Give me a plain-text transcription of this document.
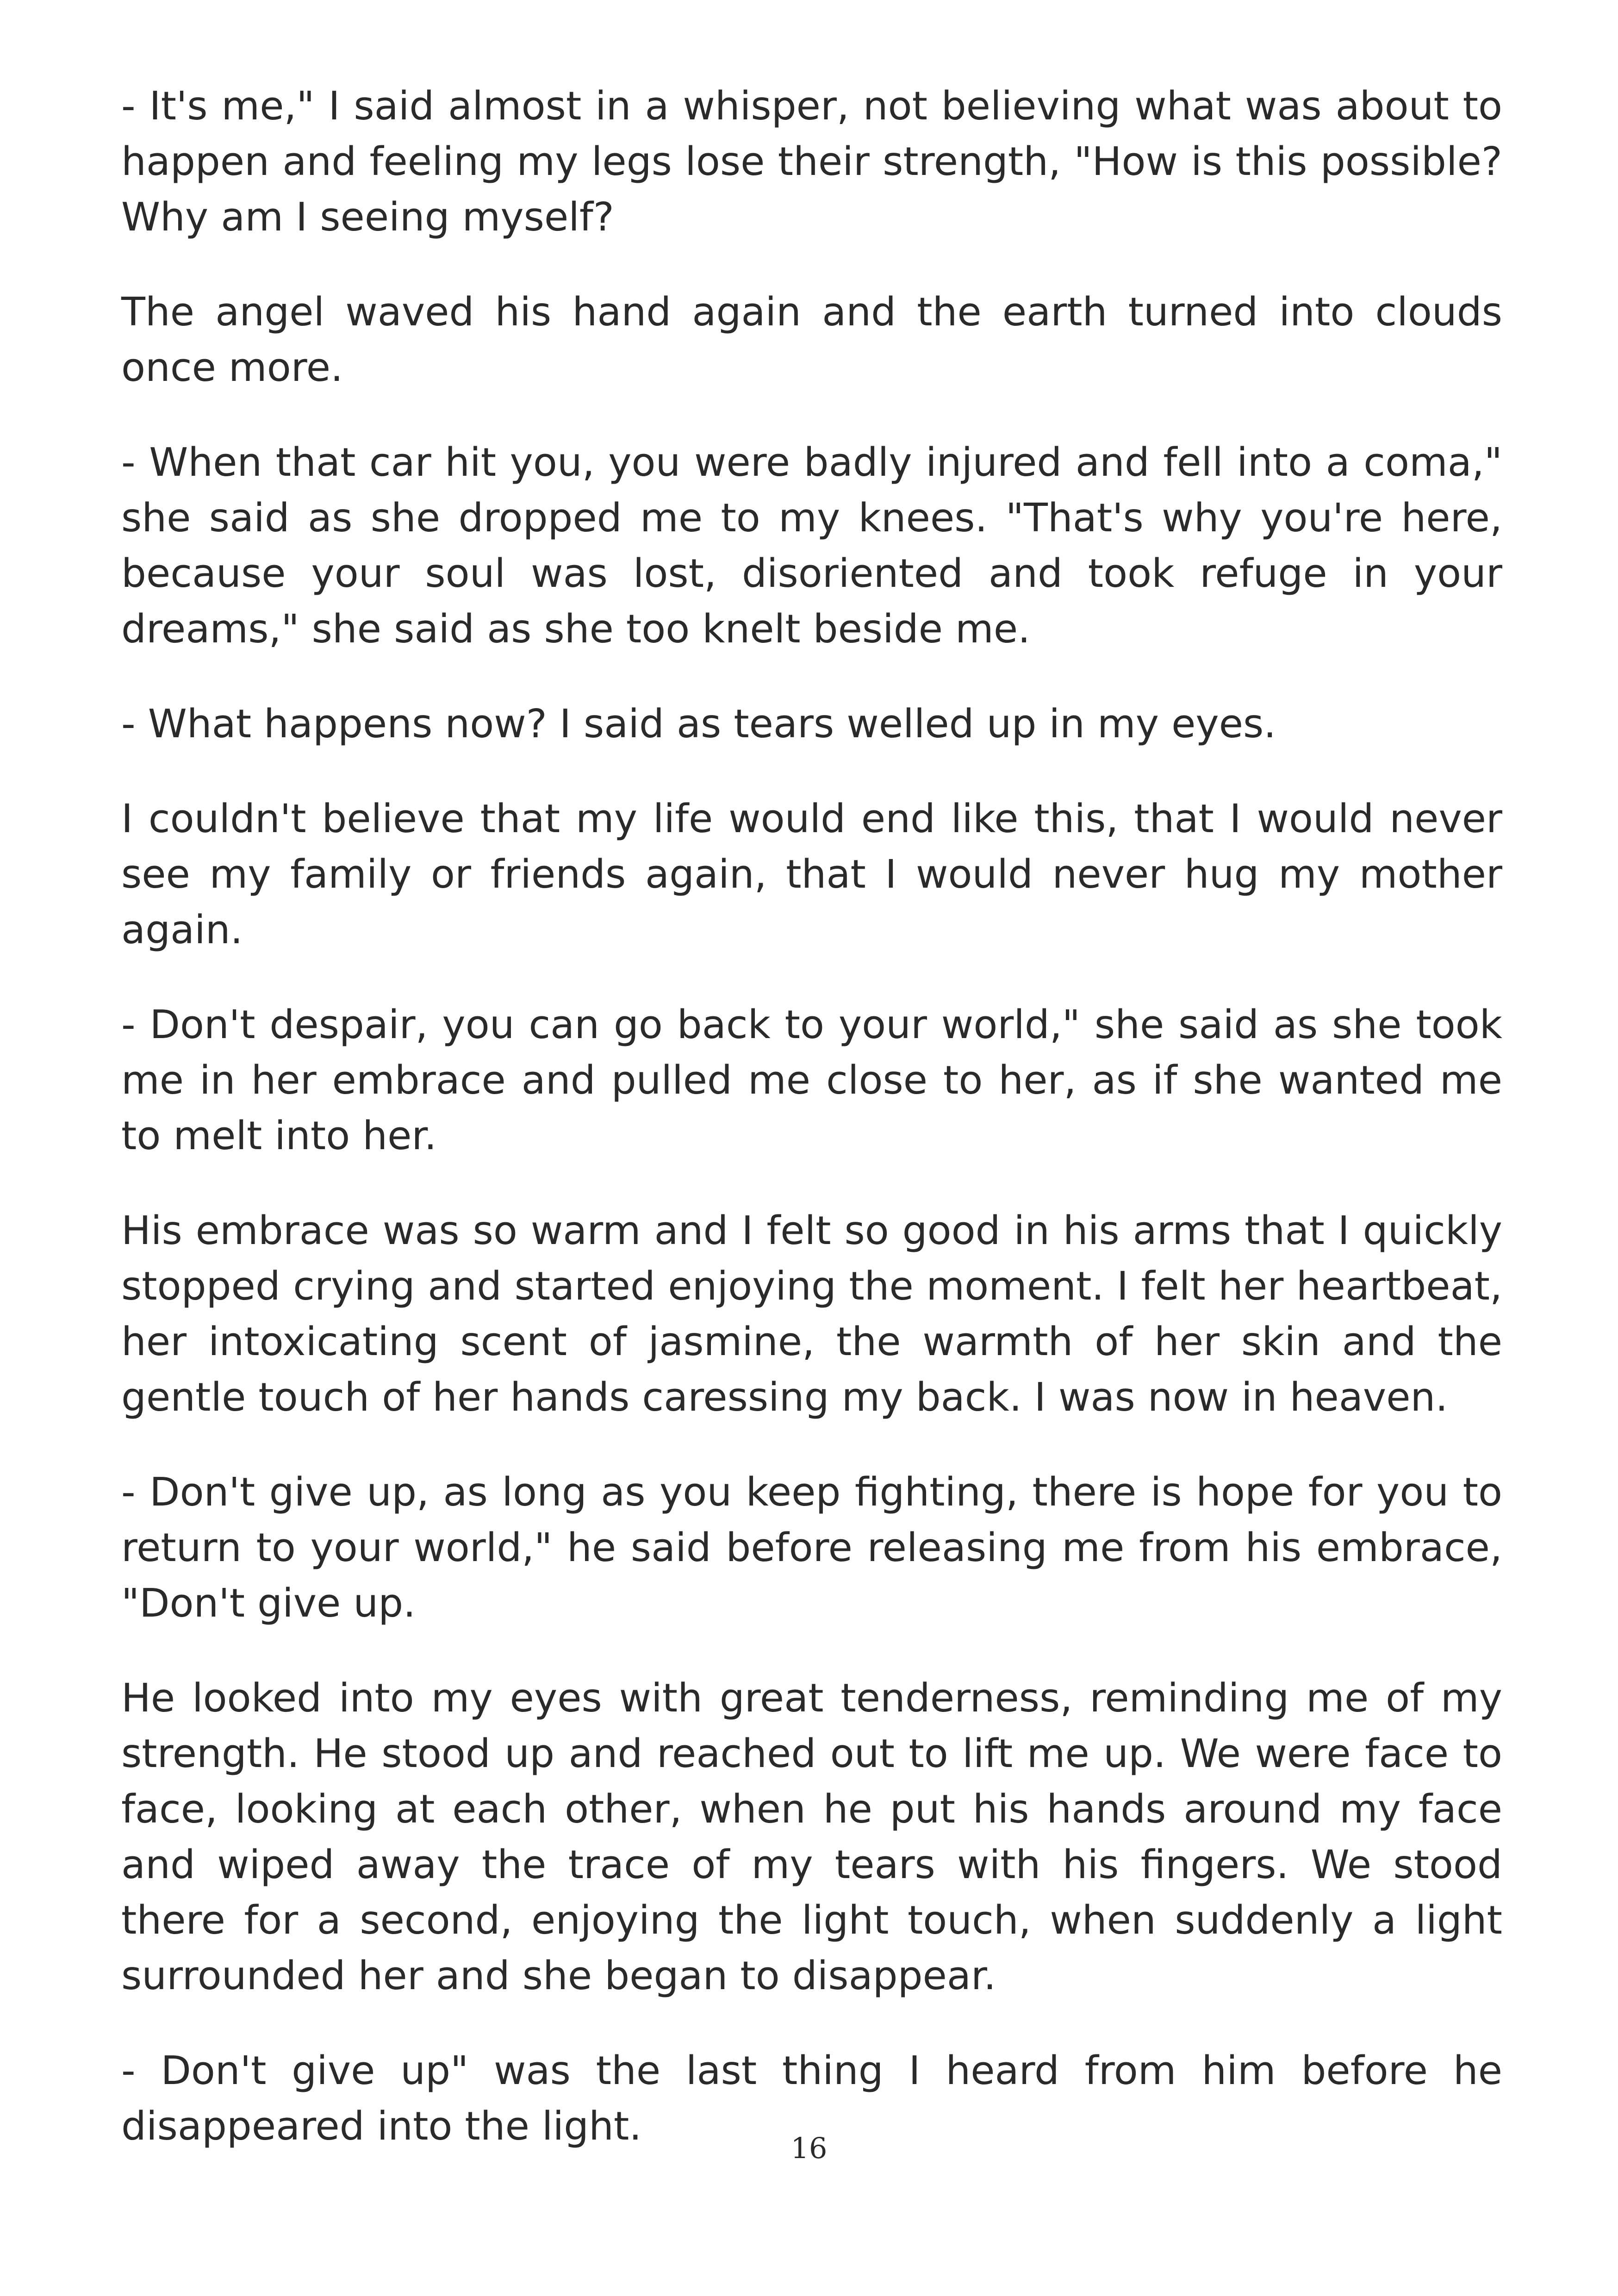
- It's me," I said almost in a whisper, not believing what was about to happen and feeling my legs lose their strength, "How is this possible? Why am I seeing myself?

The angel waved his hand again and the earth turned into clouds once more.

- When that car hit you, you were badly injured and fell into a coma," she said as she dropped me to my knees. "That's why you're here, because your soul was lost, disoriented and took refuge in your dreams," she said as she too knelt beside me.

- What happens now? I said as tears welled up in my eyes.

I couldn't believe that my life would end like this, that I would never see my family or friends again, that I would never hug my mother again.

- Don't despair, you can go back to your world," she said as she took me in her embrace and pulled me close to her, as if she wanted me to melt into her.

His embrace was so warm and I felt so good in his arms that I quickly stopped crying and started enjoying the moment. I felt her heartbeat, her intoxicating scent of jasmine, the warmth of her skin and the gentle touch of her hands caressing my back. I was now in heaven.

- Don't give up, as long as you keep fighting, there is hope for you to return to your world," he said before releasing me from his embrace, "Don't give up.

He looked into my eyes with great tenderness, reminding me of my strength. He stood up and reached out to lift me up. We were face to face, looking at each other, when he put his hands around my face and wiped away the trace of my tears with his fingers. We stood there for a second, enjoying the light touch, when suddenly a light surrounded her and she began to disappear.

- Don't give up" was the last thing I heard from him before he disappeared into the light.	16
